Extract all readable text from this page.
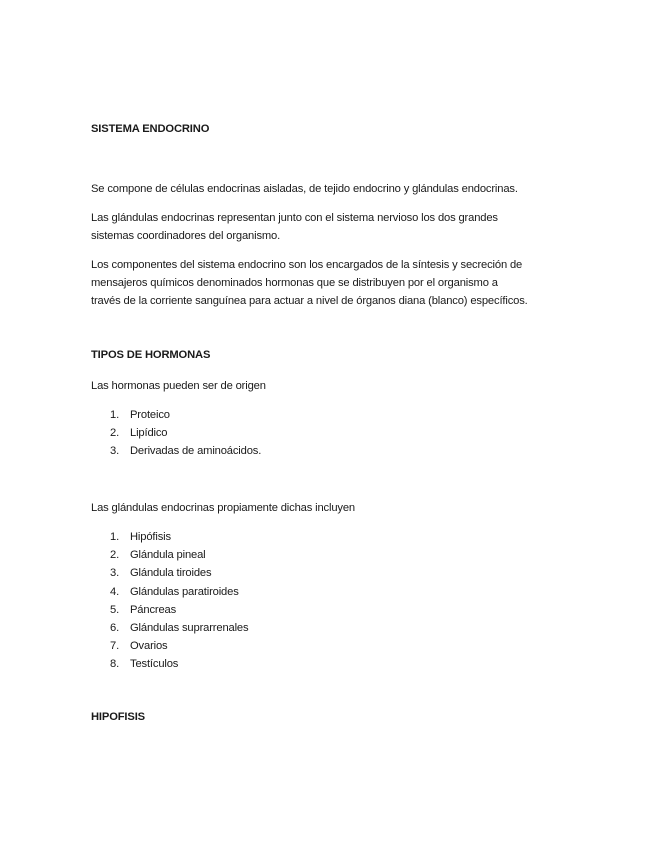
SISTEMA ENDOCRINO
Se compone de células endocrinas aisladas, de tejido endocrino y glándulas endocrinas.
Las glándulas endocrinas representan junto con el sistema nervioso los dos grandes
sistemas coordinadores del organismo.
Los componentes del sistema endocrino son los encargados de la síntesis y secreción de
mensajeros químicos denominados hormonas que se distribuyen por el organismo a
través de la corriente sanguínea para actuar a nivel de órganos diana (blanco) específicos.
TIPOS DE HORMONAS
Las hormonas pueden ser de origen
1. Proteico
2. Lipídico
3. Derivadas de aminoácidos.
Las glándulas endocrinas propiamente dichas incluyen
1. Hipófisis
2. Glándula pineal
3. Glándula tiroides
4. Glándulas paratiroides
5. Páncreas
6. Glándulas suprarrenales
7. Ovarios
8. Testículos
HIPOFISIS
